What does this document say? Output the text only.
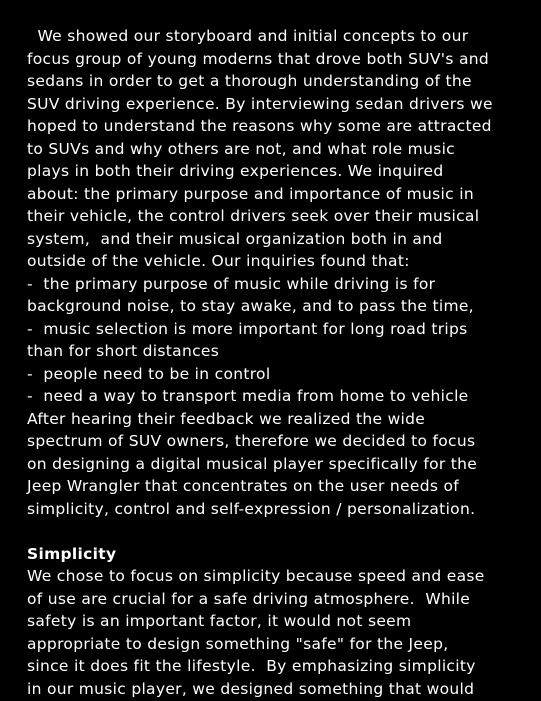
We showed our storyboard and initial concepts to our
focus group of young moderns that drove both SUV's and
sedans in order to get a thorough understanding of the
SUV driving experience. By interviewing sedan drivers we
hoped to understand the reasons why some are attracted
to SUVs and why others are not, and what role music
plays in both their driving experiences. We inquired
about: the primary purpose and importance of music in
their vehicle, the control drivers seek over their musical
system,  and their musical organization both in and
outside of the vehicle. Our inquiries found that:
-  the primary purpose of music while driving is for
background noise, to stay awake, and to pass the time,
-  music selection is more important for long road trips
than for short distances
-  people need to be in control
-  need a way to transport media from home to vehicle
After hearing their feedback we realized the wide
spectrum of SUV owners, therefore we decided to focus
on designing a digital musical player specifically for the
Jeep Wrangler that concentrates on the user needs of
simplicity, control and self-expression / personalization.
Simplicity
We chose to focus on simplicity because speed and ease
of use are crucial for a safe driving atmosphere.  While
safety is an important factor, it would not seem
appropriate to design something "safe" for the Jeep,
since it does fit the lifestyle.  By emphasizing simplicity
in our music player, we designed something that would
